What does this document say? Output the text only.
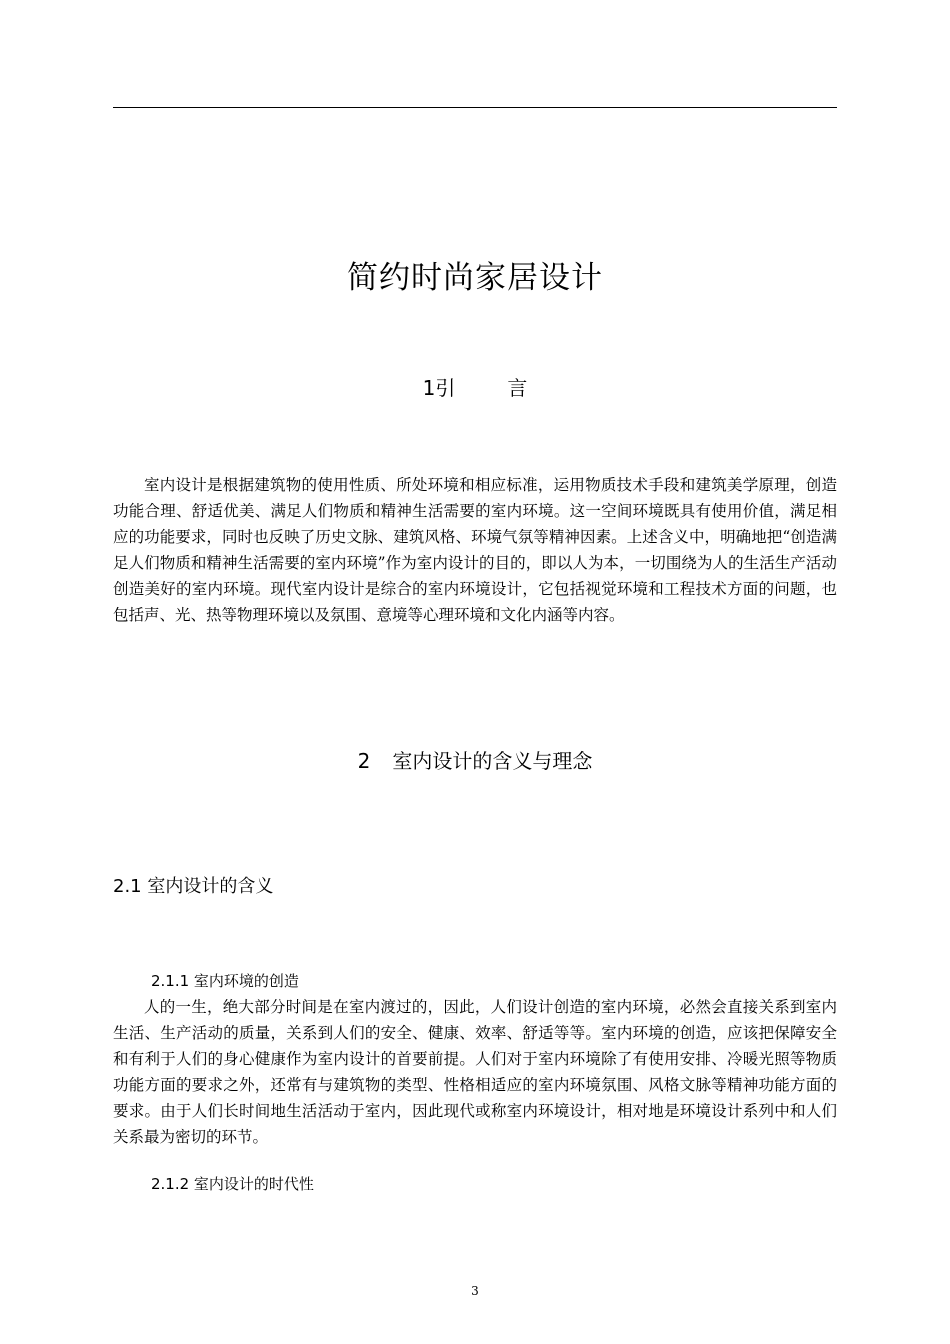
简约时尚家居设计
1引	言

室内设计是根据建筑物的使用性质、所处环境和相应标准，运用物质技术手段和建筑美学原理，创造功能合理、舒适优美、满足人们物质和精神生活需要的室内环境。这一空间环境既具有使用价值，满足相应的功能要求，同时也反映了历史文脉、建筑风格、环境气氛等精神因素。上述含义中，明确地把“创造满足人们物质和精神生活需要的室内环境”作为室内设计的目的，即以人为本，一切围绕为人的生活生产活动创造美好的室内环境。现代室内设计是综合的室内环境设计，它包括视觉环境和工程技术方面的问题，也包括声、光、热等物理环境以及氛围、意境等心理环境和文化内涵等内容。

2 室内设计的含义与理念
2.1 室内设计的含义
2.1.1 室内环境的创造

人的一生，绝大部分时间是在室内渡过的，因此，人们设计创造的室内环境，必然会直接关系到室内生活、生产活动的质量，关系到人们的安全、健康、效率、舒适等等。室内环境的创造，应该把保障安全和有利于人们的身心健康作为室内设计的首要前提。人们对于室内环境除了有使用安排、冷暖光照等物质功能方面的要求之外，还常有与建筑物的类型、性格相适应的室内环境氛围、风格文脉等精神功能方面的要求。由于人们长时间地生活活动于室内，因此现代或称室内环境设计，相对地是环境设计系列中和人们关系最为密切的环节。

2.1.2 室内设计的时代性
3
